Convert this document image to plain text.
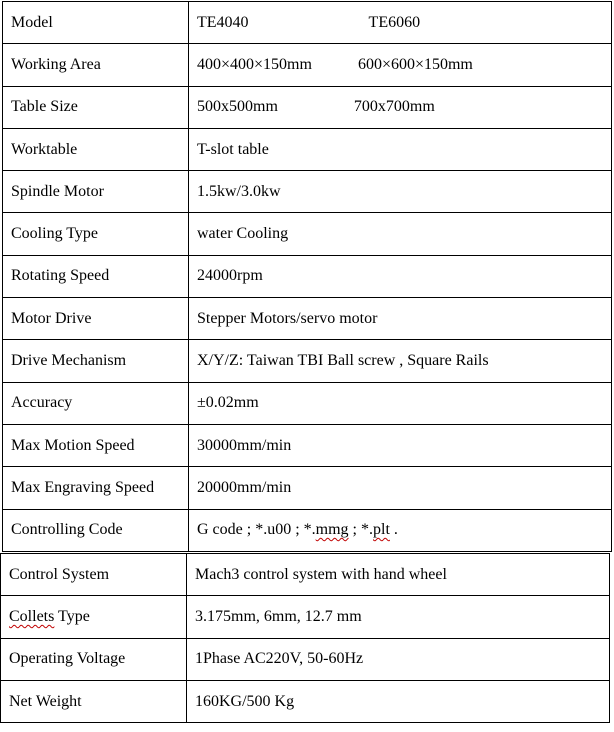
Model	TE4040 TE6060
Working Area	400×400×150mm 600×600×150mm
Table Size	500x500mm 700x700mm
Worktable	T-slot table
Spindle Motor	1.5kw/3.0kw
Cooling Type	water Cooling
Rotating Speed	24000rpm
Motor Drive	Stepper Motors/servo motor
Drive Mechanism	X/Y/Z: Taiwan TBI Ball screw , Square Rails
Accuracy	±0.02mm
Max Motion Speed	30000mm/min
Max Engraving Speed	20000mm/min
Controlling Code	G code ; *.u00 ; *.mmg ; *.plt .
Control System	Mach3 control system with hand wheel
Collets Type	3.175mm, 6mm, 12.7 mm
Operating Voltage	1Phase AC220V, 50-60Hz
Net Weight	160KG/500 Kg
